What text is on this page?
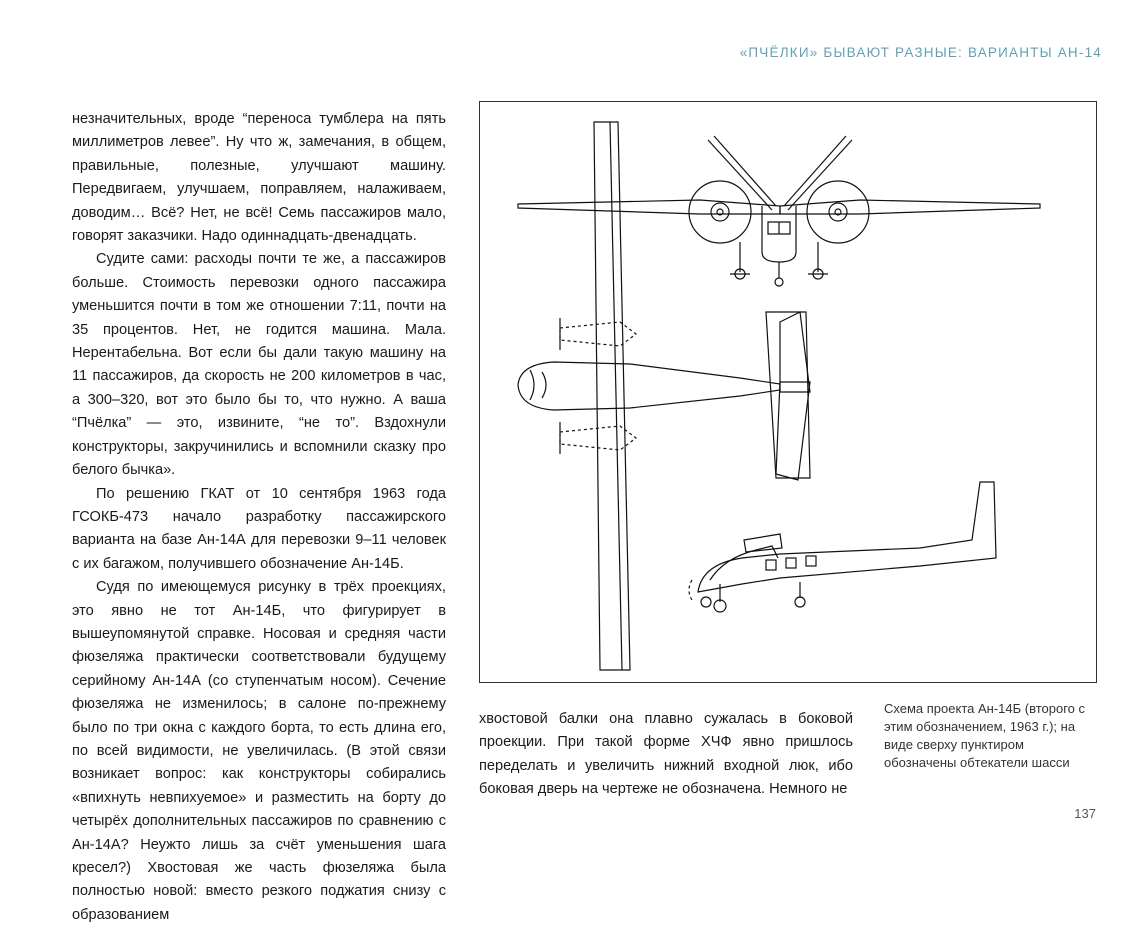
«ПЧЁЛКИ» БЫВАЮТ РАЗНЫЕ: ВАРИАНТЫ АН-14

незначительных, вроде “переноса тумблера на пять миллиметров левее”. Ну что ж, замечания, в общем, правильные, полезные, улучшают машину. Передвигаем, улучшаем, поправляем, налаживаем, доводим… Всё? Нет, не всё! Семь пассажиров мало, говорят заказчики. Надо одиннадцать-двенадцать.

Судите сами: расходы почти те же, а пассажиров больше. Стоимость перевозки одного пассажира уменьшится почти в том же отношении 7:11, почти на 35 процентов. Нет, не годится машина. Мала. Нерентабельна. Вот если бы дали такую машину на 11 пассажиров, да скорость не 200 километров в час, а 300–320, вот это было бы то, что нужно. А ваша “Пчёлка” — это, извините, “не то”. Вздохнули конструкторы, закручинились и вспомнили сказку про белого бычка».

По решению ГКАТ от 10 сентября 1963 года ГСОКБ-473 начало разработку пассажирского варианта на базе Ан-14А для перевозки 9–11 человек с их багажом, получившего обозначение Ан-14Б.

Судя по имеющемуся рисунку в трёх проекциях, это явно не тот Ан-14Б, что фигурирует в вышеупомянутой справке. Носовая и средняя части фюзеляжа практически соответствовали будущему серийному Ан-14А (со ступенчатым носом). Сечение фюзеляжа не изменилось; в салоне по-прежнему было по три окна с каждого борта, то есть длина его, по всей видимости, не увеличилась. (В этой связи возникает вопрос: как конструкторы собирались «впихнуть невпихуемое» и разместить на борту до четырёх дополнительных пассажиров по сравнению с Ан-14А? Неужто лишь за счёт уменьшения шага кресел?) Хвостовая же часть фюзеляжа была полностью новой: вместо резкого поджатия снизу с образованием

хвостовой балки она плавно сужалась в боковой проекции. При такой форме ХЧФ явно пришлось переделать и увеличить нижний входной люк, ибо боковая дверь на чертеже не обозначена. Немного не

Схема проекта Ан-14Б (второго с этим обозначением, 1963 г.); на виде сверху пунктиром обозначены обтекатели шасси
137
